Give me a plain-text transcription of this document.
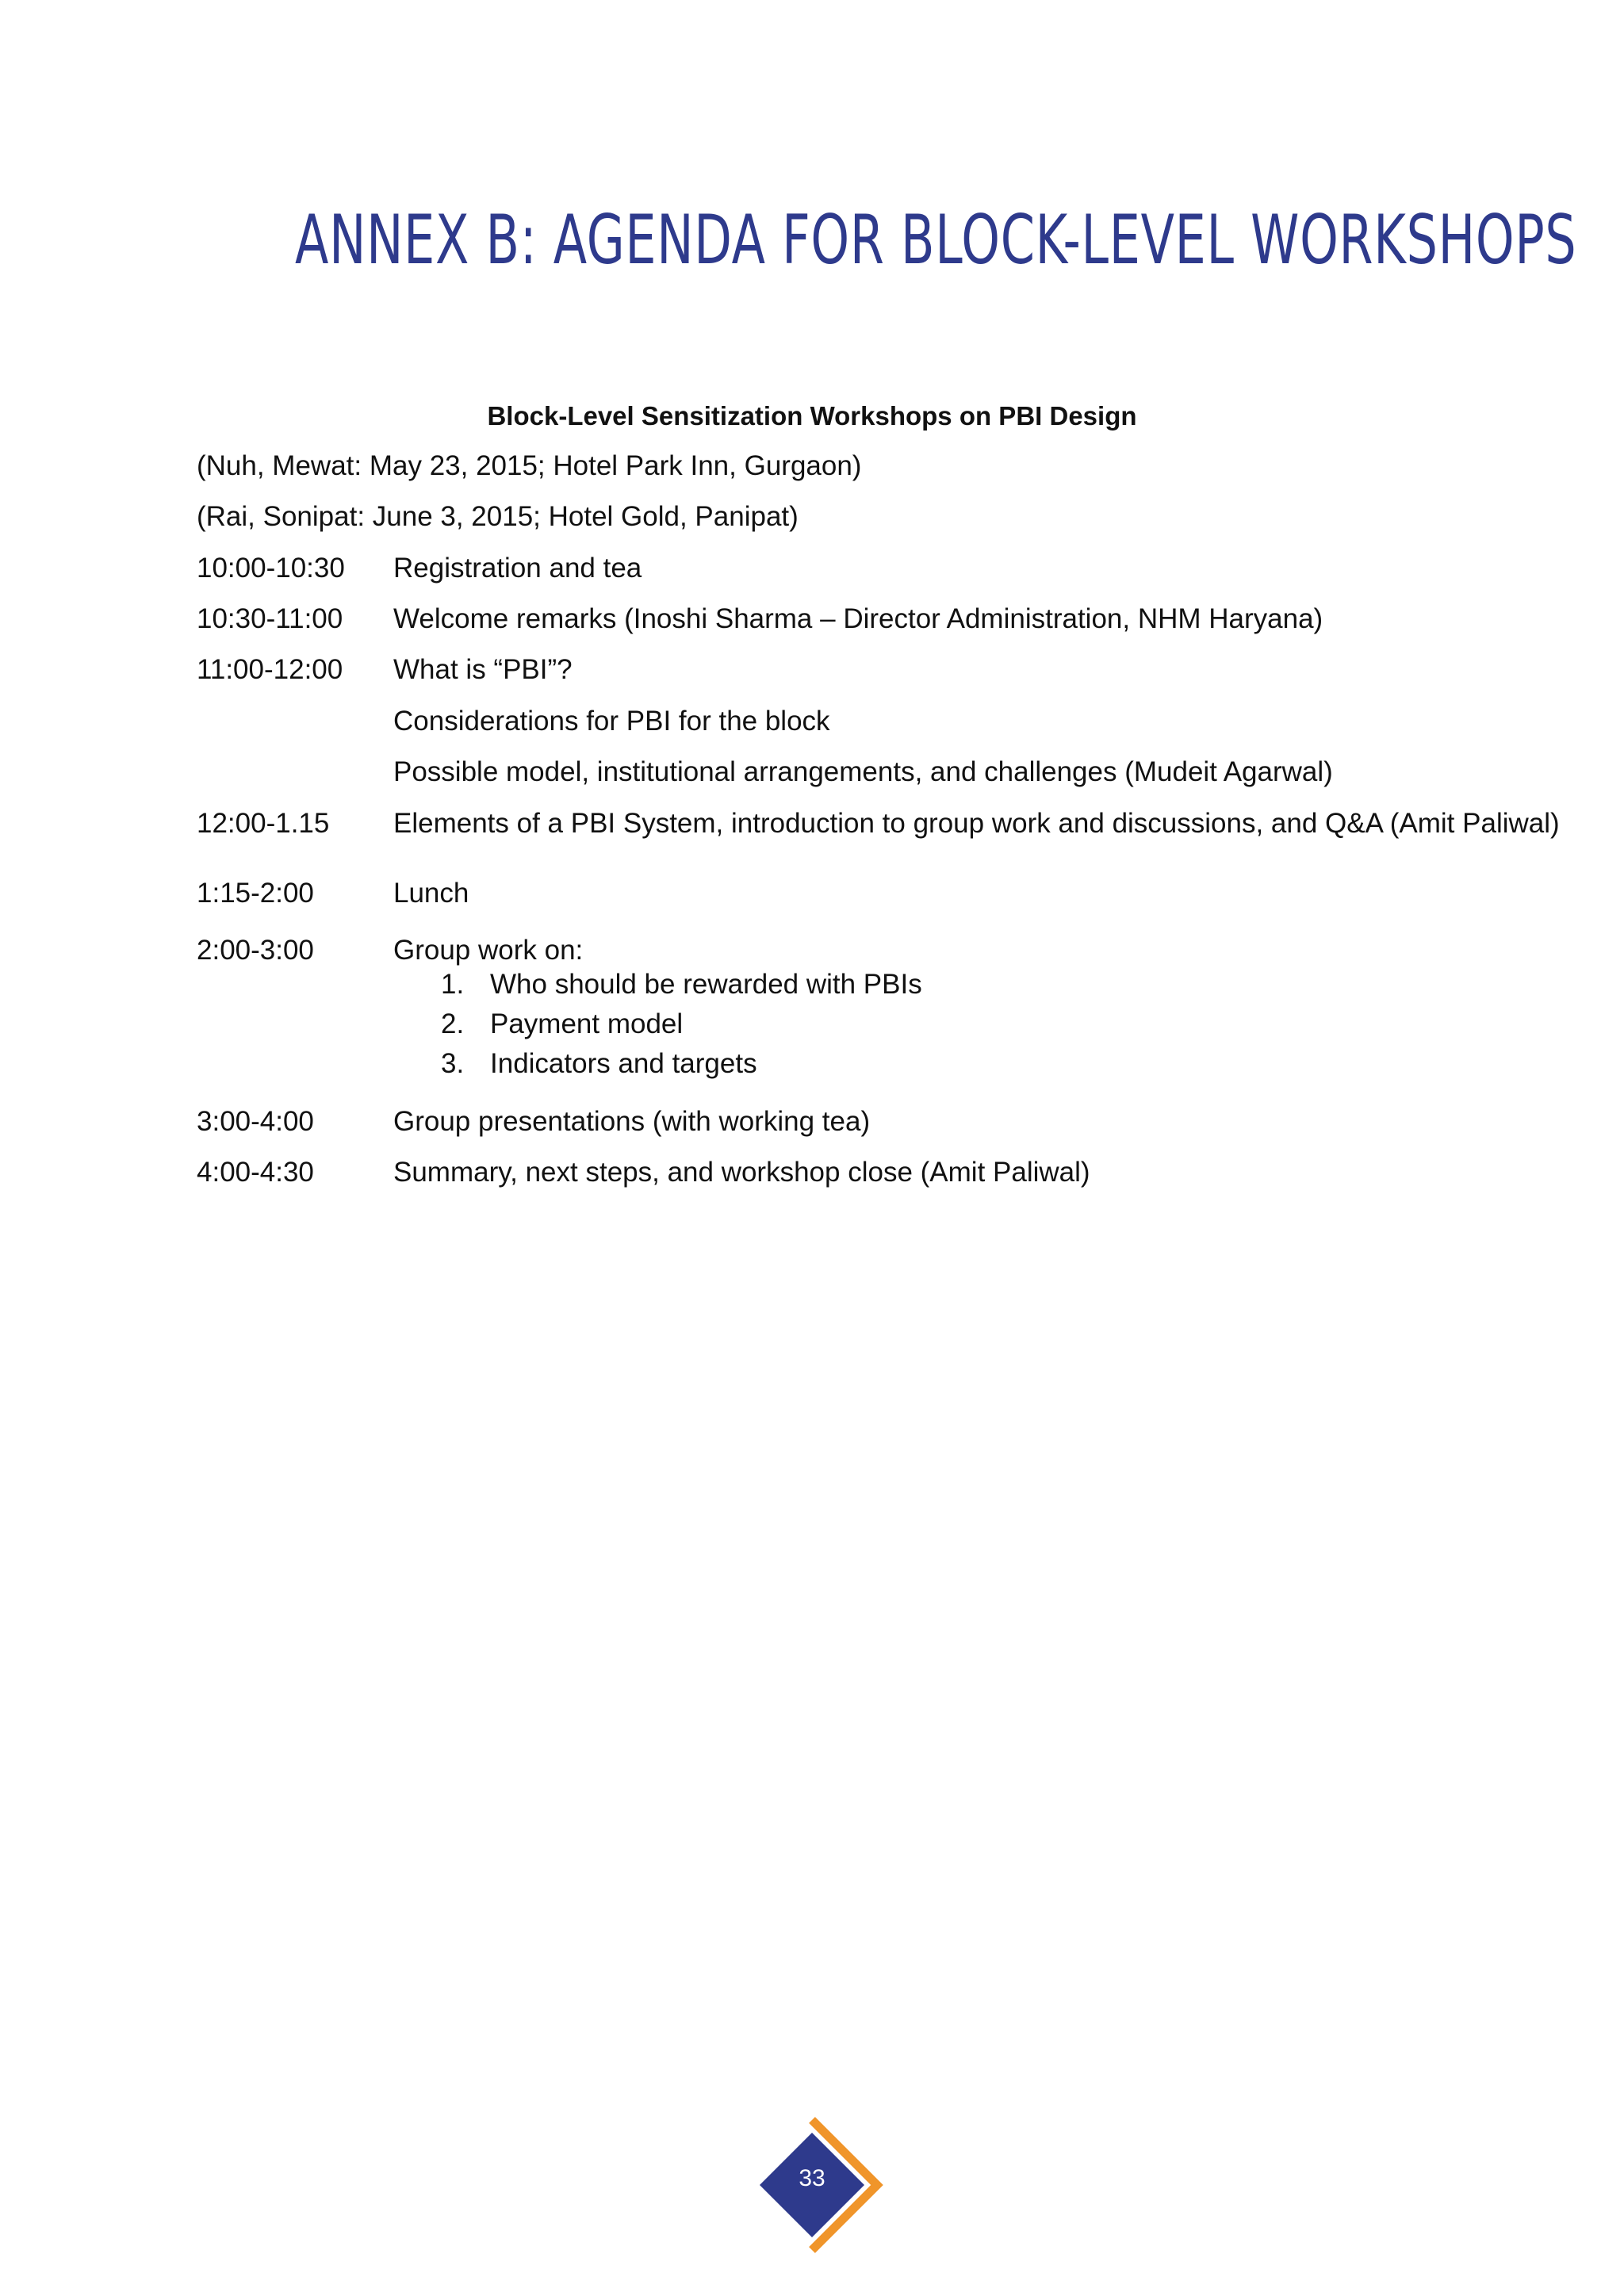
ANNEX B: AGENDA FOR BLOCK-LEVEL WORKSHOPS
Block-Level Sensitization Workshops on PBI Design
(Nuh, Mewat: May 23, 2015; Hotel Park Inn, Gurgaon)
(Rai, Sonipat: June 3, 2015; Hotel Gold, Panipat)
10:00-10:30 Registration and tea
10:30-11:00 Welcome remarks (Inoshi Sharma – Director Administration, NHM Haryana)
11:00-12:00 What is “PBI”?
Considerations for PBI for the block
Possible model, institutional arrangements, and challenges (Mudeit Agarwal)
12:00-1.15 Elements of a PBI System, introduction to group work and discussions, and Q&A (Amit Paliwal)
1:15-2:00	Lunch
2:00-3:00	Group work on:
1. Who should be rewarded with PBIs
2. Payment model
3. Indicators and targets
3:00-4:00	Group presentations (with working tea)
4:00-4:30	Summary, next steps, and workshop close (Amit Paliwal)
33
